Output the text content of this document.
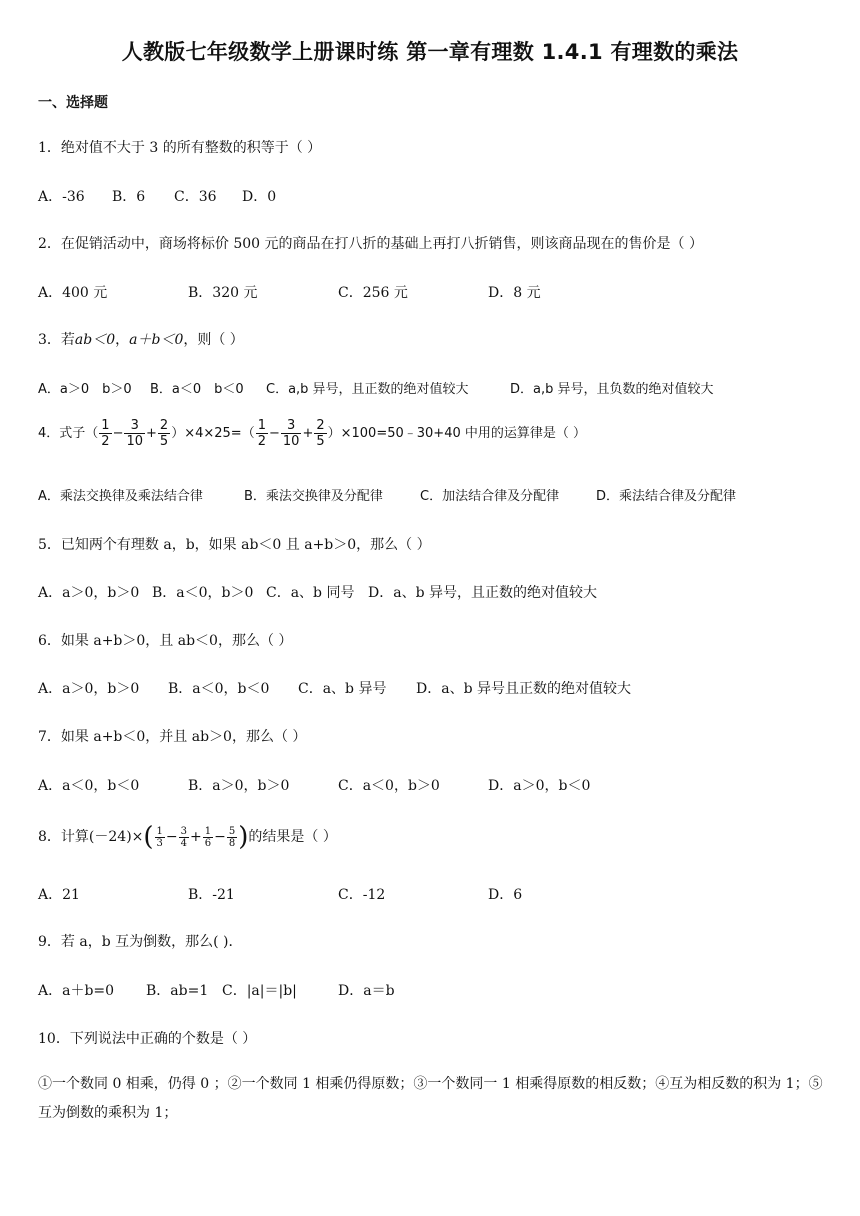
人教版七年级数学上册课时练 第一章有理数 1.4.1 有理数的乘法
一、选择题
1．绝对值不大于 3 的所有整数的积等于（ ）
A．-36 B．6 C．36 D．0
2．在促销活动中，商场将标价 500 元的商品在打八折的基础上再打八折销售，则该商品现在的售价是（ ）
A．400 元	B．320 元	C．256 元	D．8 元
3．若ab＜0，a＋b＜0，则（ ）
A．a＞0　b＞0 B．a＜0　b＜0 C．a,b 异号，且正数的绝对值较大	D．a,b 异号，且负数的绝对值较大
4．式子（ $\frac{1}{2} - \frac{3}{10} + \frac{2}{5} )\times 4\times 25=( \frac{1}{2} - \frac{3}{10} + \frac{2}{5}$ ）×100=50﹣30+40 中用的运算律是（ ）
A．乘法交换律及乘法结合律	B．乘法交换律及分配律	C．加法结合律及分配律	D．乘法结合律及分配律
5．已知两个有理数 a，b，如果 ab＜0 且 a+b＞0，那么（ ）
A．a＞0，b＞0 B．a＜0，b＞0 C．a、b 同号 D．a、b 异号，且正数的绝对值较大
6．如果 a+b＞0，且 ab＜0，那么（ ）
A．a＞0，b＞0 B．a＜0，b＜0 C．a、b 异号 D．a、b 异号且正数的绝对值较大
7．如果 a+b＜0，并且 ab＞0，那么（ ）
A．a＜0，b＜0	B．a＞0，b＞0	C．a＜0，b＞0	D．a＞0，b＜0
8．计算$(-24)\times( \frac{1}{3} - \frac{3}{4} + \frac{1}{6} - \frac{5}{8}$ )的结果是（ ）
A．21	B．-21	C．-12	D．6
9．若 a，b 互为倒数，那么( )．
A．a＋b=0 B．ab=1 C．|a|＝|b|	D．a＝b
10．下列说法中正确的个数是（ ）
①一个数同 0 相乘，仍得 0 ；②一个数同 1 相乘仍得原数；③一个数同一 1 相乘得原数的相反数；④互为相反数的积为 1；⑤互为倒数的乘积为 1；
